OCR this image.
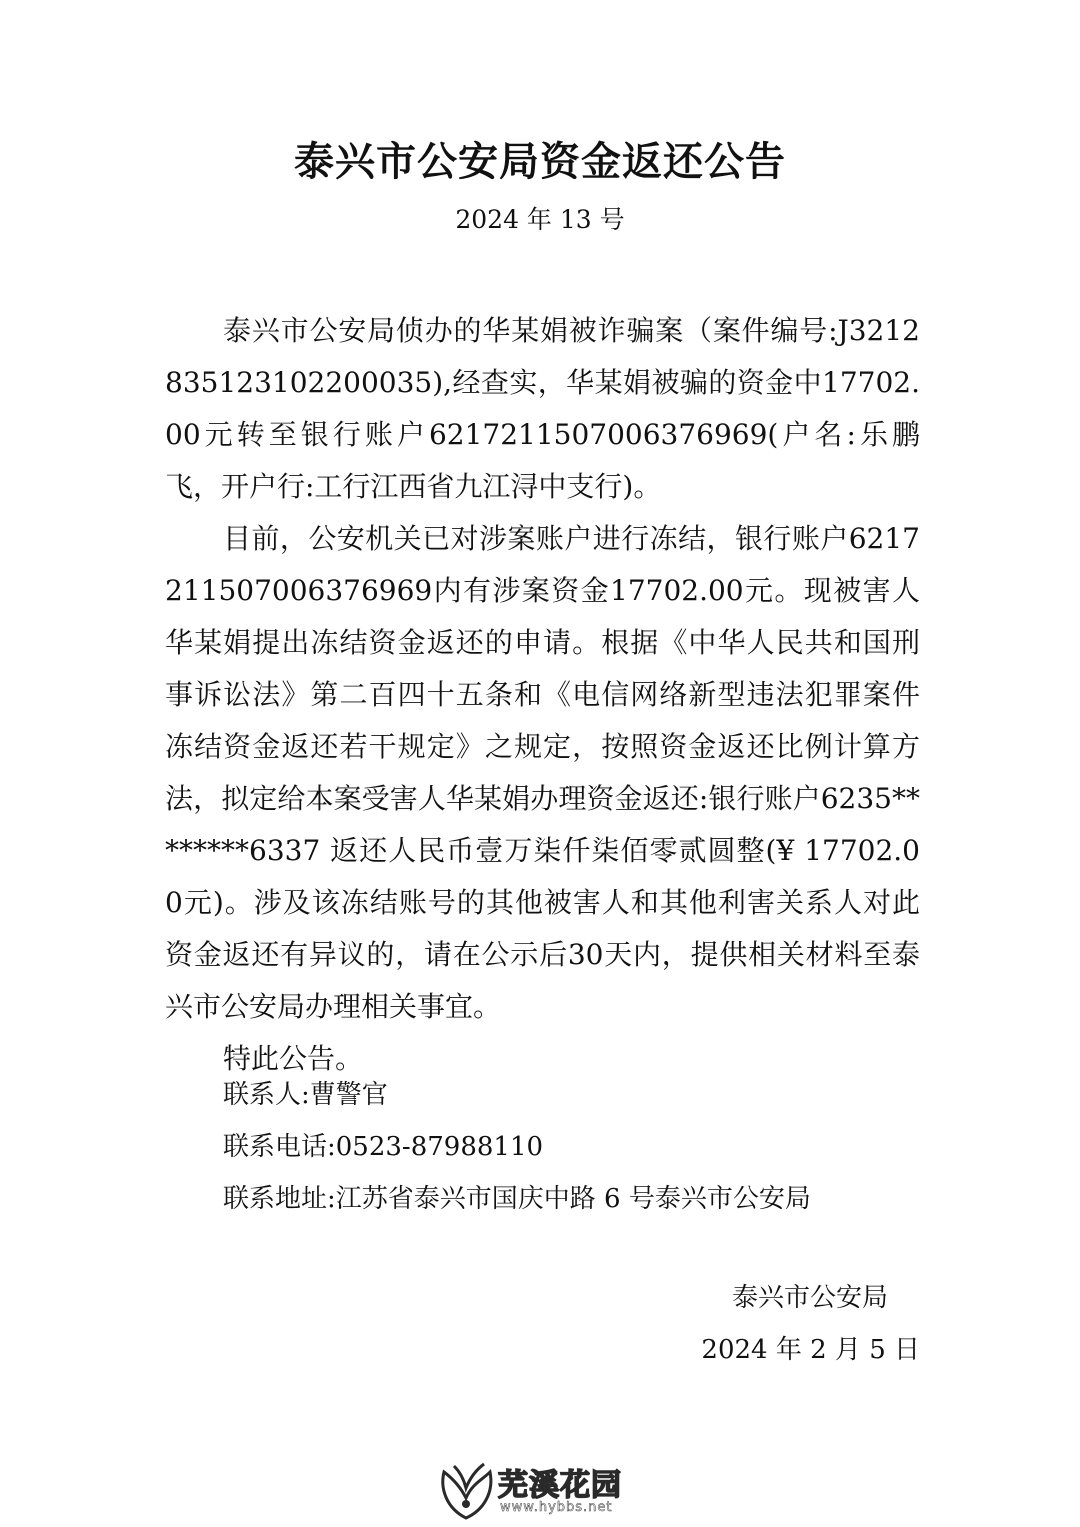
泰兴市公安局资金返还公告
2024 年 13 号

泰兴市公安局侦办的华某娟被诈骗案（案件编号:J3212835123102200035),经查实，华某娟被骗的资金中17702.00元转至银行账户6217211507006376969(户名:乐鹏飞，开户行:工行江西省九江浔中支行)。

目前，公安机关已对涉案账户进行冻结，银行账户6217211507006376969内有涉案资金17702.00元。现被害人华某娟提出冻结资金返还的申请。根据《中华人民共和国刑事诉讼法》第二百四十五条和《电信网络新型违法犯罪案件冻结资金返还若干规定》之规定，按照资金返还比例计算方法，拟定给本案受害人华某娟办理资金返还:银行账户6235********6337 返还人民币壹万柒仟柒佰零贰圆整(¥ 17702.00元)。涉及该冻结账号的其他被害人和其他利害关系人对此资金返还有异议的，请在公示后30天内，提供相关材料至泰兴市公安局办理相关事宜。

特此公告。

联系人:曹警官
联系电话:0523-87988110
联系地址:江苏省泰兴市国庆中路 6 号泰兴市公安局
泰兴市公安局
2024 年 2 月 5 日
芜溪花园
www.hybbs.net
